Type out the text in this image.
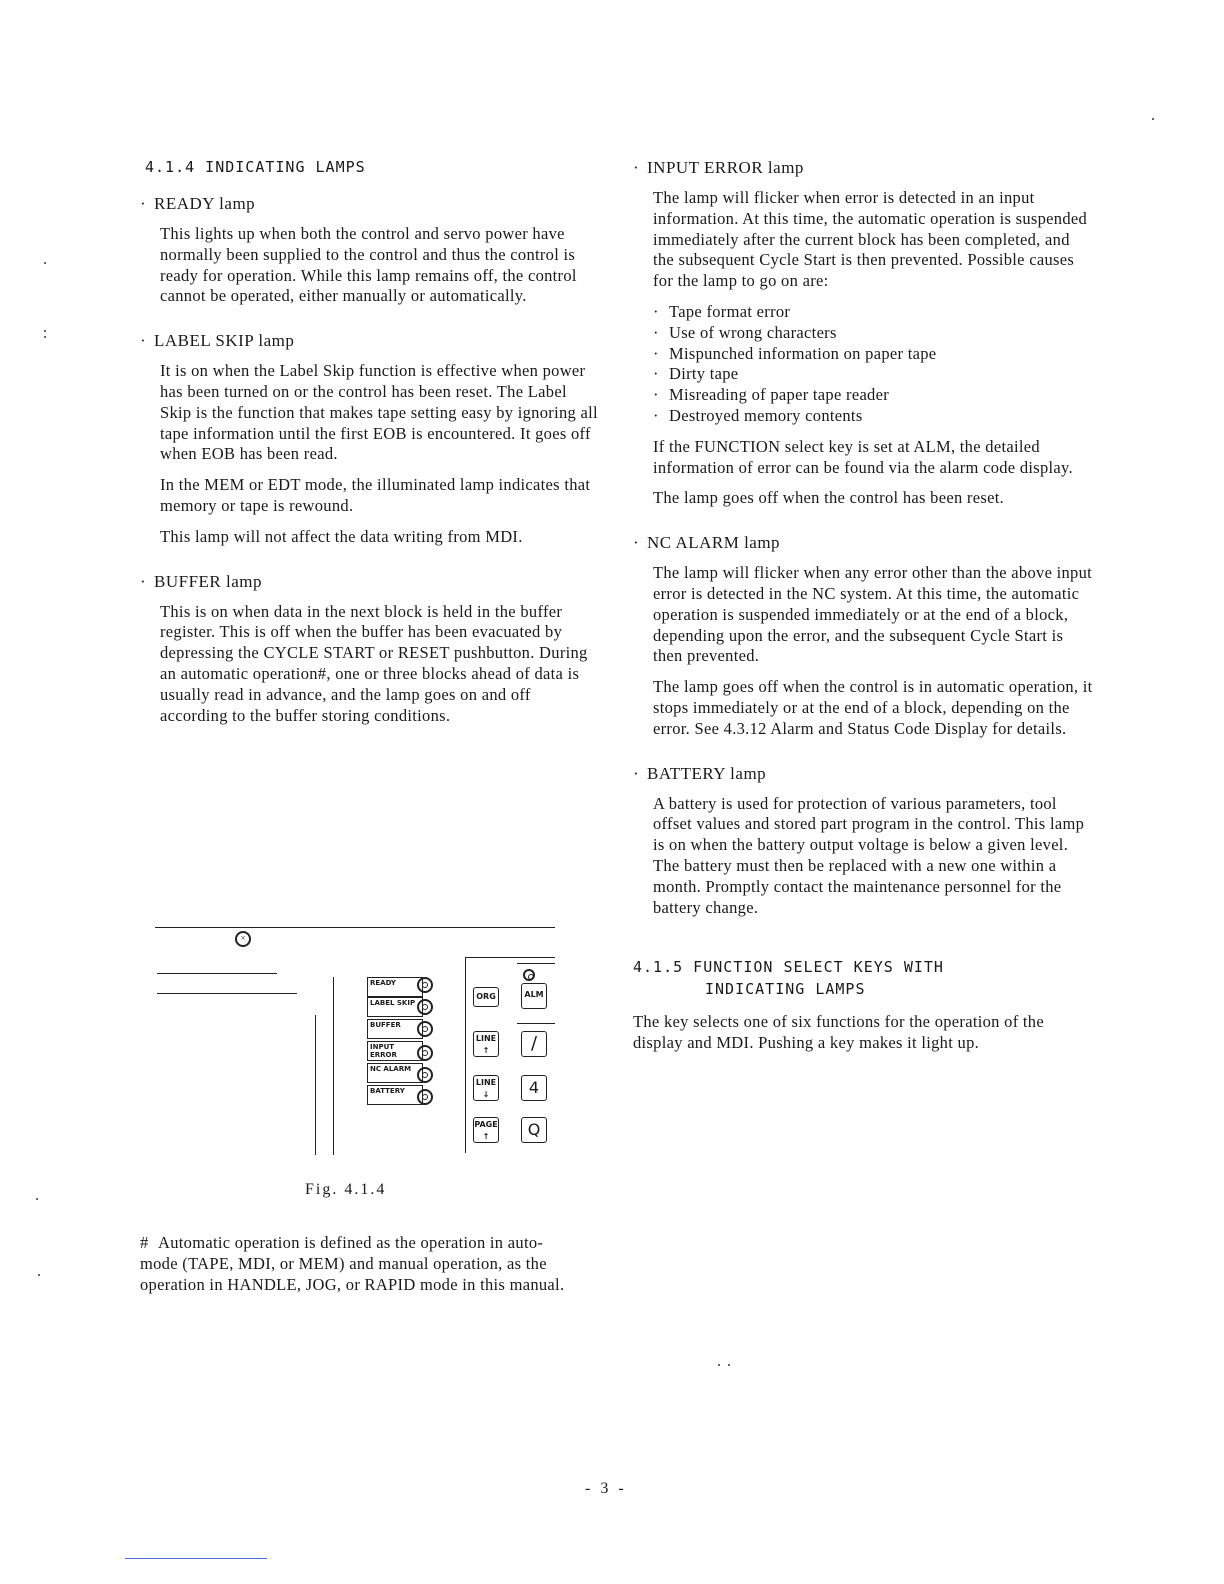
4.1.4 INDICATING LAMPS
· READY lamp

This lights up when both the control and servo power have normally been supplied to the control and thus the control is ready for operation. While this lamp remains off, the control cannot be operated, either manually or automatically.

· LABEL SKIP lamp

It is on when the Label Skip function is effective when power has been turned on or the control has been reset. The Label Skip is the function that makes tape setting easy by ignoring all tape information until the first EOB is encountered. It goes off when EOB has been read.

In the MEM or EDT mode, the illuminated lamp indicates that memory or tape is rewound.

This lamp will not affect the data writing from MDI.

· BUFFER lamp

This is on when data in the next block is held in the buffer register. This is off when the buffer has been evacuated by depressing the CYCLE START or RESET pushbutton. During an automatic operation#, one or three blocks ahead of data is usually read in advance, and the lamp goes on and off according to the buffer storing conditions.

×
READY
LABEL SKIP
BUFFER
INPUT ERROR
NC ALARM
BATTERY
ORG	ALM
LINE ↑	/
LINE ↓	4
PAGE ↑	Q
Fig. 4.1.4
# Automatic operation is defined as the operation in auto-mode (TAPE, MDI, or MEM) and manual operation, as the operation in HANDLE, JOG, or RAPID mode in this manual.
· INPUT ERROR lamp

The lamp will flicker when error is detected in an input information. At this time, the automatic operation is suspended immediately after the current block has been completed, and the subsequent Cycle Start is then prevented. Possible causes for the lamp to go on are:

· Tape format error
· Use of wrong characters
· Mispunched information on paper tape
· Dirty tape
· Misreading of paper tape reader
· Destroyed memory contents

If the FUNCTION select key is set at ALM, the detailed information of error can be found via the alarm code display.

The lamp goes off when the control has been reset.

· NC ALARM lamp

The lamp will flicker when any error other than the above input error is detected in the NC system. At this time, the automatic operation is suspended immediately or at the end of a block, depending upon the error, and the subsequent Cycle Start is then prevented.

The lamp goes off when the control is in automatic operation, it stops immediately or at the end of a block, depending on the error. See 4.3.12 Alarm and Status Code Display for details.

· BATTERY lamp

A battery is used for protection of various parameters, tool offset values and stored part program in the control. This lamp is on when the battery output voltage is below a given level. The battery must then be replaced with a new one within a month. Promptly contact the maintenance personnel for the battery change.

4.1.5 FUNCTION SELECT KEYS WITH
INDICATING LAMPS

The key selects one of six functions for the operation of the display and MDI. Pushing a key makes it light up.

- 3 -
